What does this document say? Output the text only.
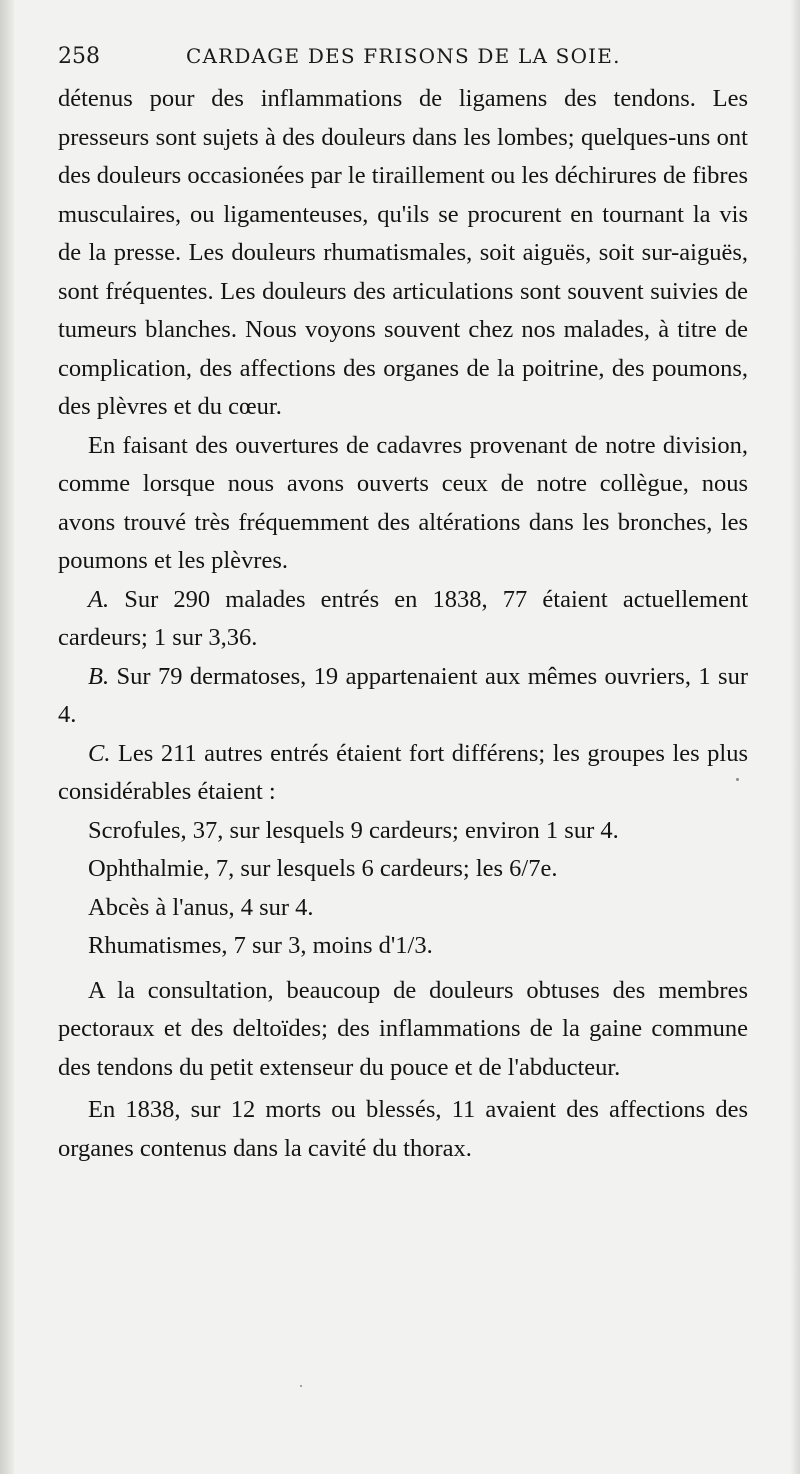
258	CARDAGE DES FRISONS DE LA SOIE.

détenus pour des inflammations de ligamens des tendons. Les presseurs sont sujets à des douleurs dans les lombes; quelques-uns ont des douleurs occasionées par le tiraillement ou les déchirures de fibres musculaires, ou ligamenteuses, qu'ils se procurent en tournant la vis de la presse. Les douleurs rhumatismales, soit aiguës, soit sur-aiguës, sont fréquentes. Les douleurs des articulations sont souvent suivies de tumeurs blanches. Nous voyons souvent chez nos malades, à titre de complication, des affections des organes de la poitrine, des poumons, des plèvres et du cœur.

En faisant des ouvertures de cadavres provenant de notre division, comme lorsque nous avons ouverts ceux de notre collègue, nous avons trouvé très fréquemment des altérations dans les bronches, les poumons et les plèvres.

A. Sur 290 malades entrés en 1838, 77 étaient actuellement cardeurs; 1 sur 3,36.

B. Sur 79 dermatoses, 19 appartenaient aux mêmes ouvriers, 1 sur 4.

C. Les 211 autres entrés étaient fort différens; les groupes les plus considérables étaient :

Scrofules, 37, sur lesquels 9 cardeurs; environ 1 sur 4.

Ophthalmie, 7, sur lesquels 6 cardeurs; les 6/7e.

Abcès à l'anus, 4 sur 4.

Rhumatismes, 7 sur 3, moins d'1/3.

A la consultation, beaucoup de douleurs obtuses des membres pectoraux et des deltoïdes; des inflammations de la gaine commune des tendons du petit extenseur du pouce et de l'abducteur.

En 1838, sur 12 morts ou blessés, 11 avaient des affections des organes contenus dans la cavité du thorax.
